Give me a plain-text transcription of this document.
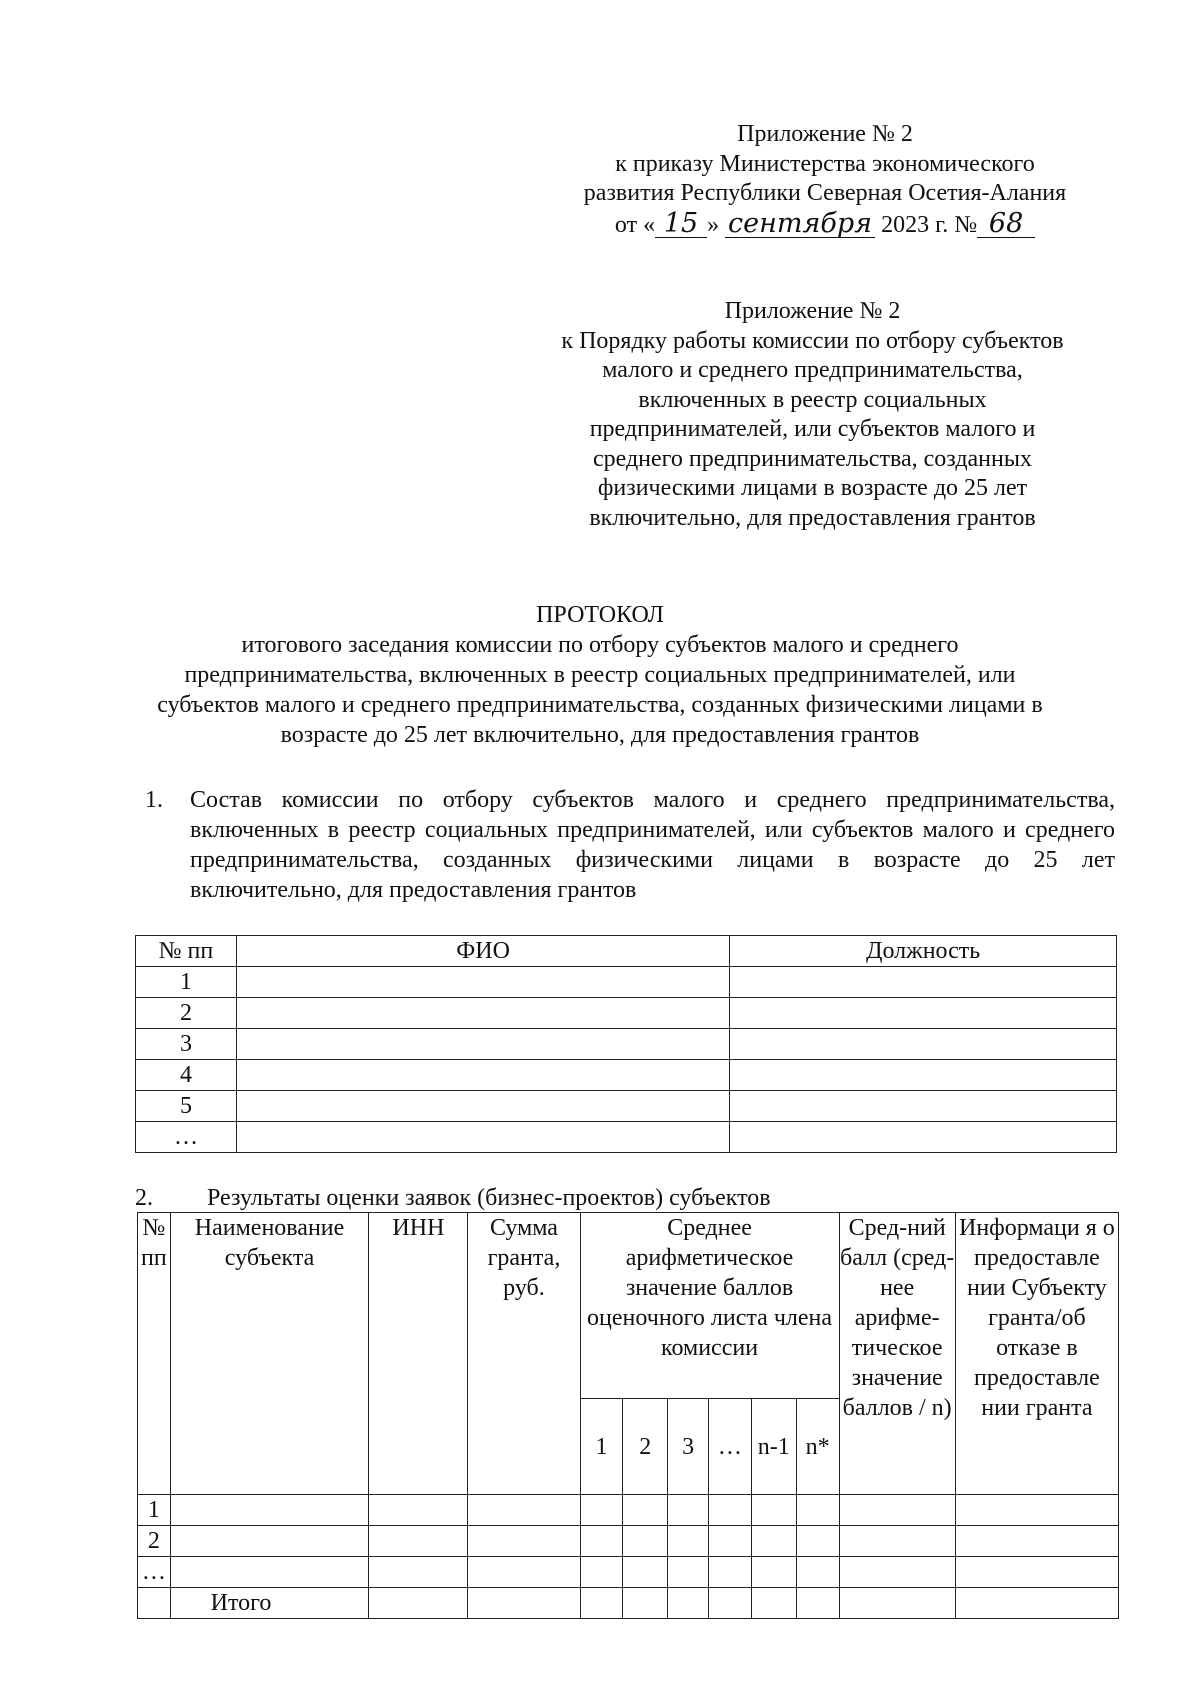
Приложение № 2
к приказу Министерства экономического
развития Республики Северная Осетия-Алания
от « 15 » сентября 2023 г. № 68
Приложение № 2
к Порядку работы комиссии по отбору субъектов
малого и среднего предпринимательства,
включенных в реестр социальных
предпринимателей, или субъектов малого и
среднего предпринимательства, созданных
физическими лицами в возрасте до 25 лет
включительно, для предоставления грантов
ПРОТОКОЛ
итогового заседания комиссии по отбору субъектов малого и среднего
предпринимательства, включенных в реестр социальных предпринимателей, или
субъектов малого и среднего предпринимательства, созданных физическими лицами в
возрасте до 25 лет включительно, для предоставления грантов
1. Состав комиссии по отбору субъектов малого и среднего предпринимательства, включенных в реестр социальных предпринимателей, или субъектов малого и среднего предпринимательства, созданных физическими лицами в возрасте до 25 лет включительно, для предоставления грантов
№ пп	ФИО	Должность
1		
2		
3		
4		
5		
…		
2. Результаты оценки заявок (бизнес-проектов) субъектов
№ пп	Наименование субъекта	ИНН	Сумма гранта, руб.	Среднее арифметическое значение баллов оценочного листа члена комиссии						Сред-ний балл (сред-нее арифме-тическое значение баллов / n)	Информаци я о предоставле нии Субъекту гранта/об отказе в предоставле нии гранта
				1	2	3	…	n-1	n*		
1											
2											
…											
	Итого										
